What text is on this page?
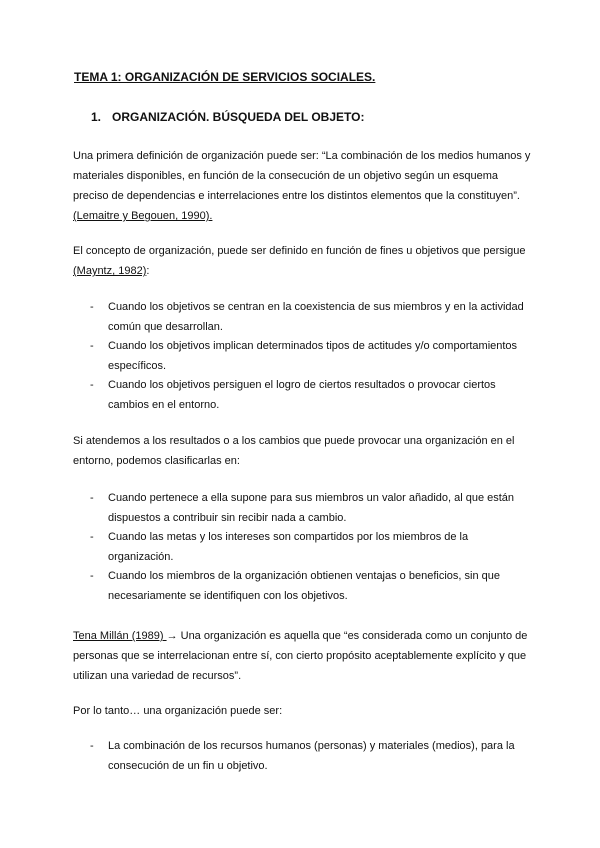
TEMA 1: ORGANIZACIÓN DE SERVICIOS SOCIALES.
1. ORGANIZACIÓN. BÚSQUEDA DEL OBJETO:

Una primera definición de organización puede ser: “La combinación de los medios humanos y materiales disponibles, en función de la consecución de un objetivo según un esquema preciso de dependencias e interrelaciones entre los distintos elementos que la constituyen”. (Lemaitre y Begouen, 1990).

El concepto de organización, puede ser definido en función de fines u objetivos que persigue (Mayntz, 1982):

- Cuando los objetivos se centran en la coexistencia de sus miembros y en la actividad común que desarrollan.
- Cuando los objetivos implican determinados tipos de actitudes y/o comportamientos específicos.
- Cuando los objetivos persiguen el logro de ciertos resultados o provocar ciertos cambios en el entorno.

Si atendemos a los resultados o a los cambios que puede provocar una organización en el entorno, podemos clasificarlas en:

- Cuando pertenece a ella supone para sus miembros un valor añadido, al que están dispuestos a contribuir sin recibir nada a cambio.
- Cuando las metas y los intereses son compartidos por los miembros de la organización.
- Cuando los miembros de la organización obtienen ventajas o beneficios, sin que necesariamente se identifiquen con los objetivos.

Tena Millán (1989) → Una organización es aquella que “es considerada como un conjunto de personas que se interrelacionan entre sí, con cierto propósito aceptablemente explícito y que utilizan una variedad de recursos”.

Por lo tanto… una organización puede ser:

- La combinación de los recursos humanos (personas) y materiales (medios), para la consecución de un fin u objetivo.
